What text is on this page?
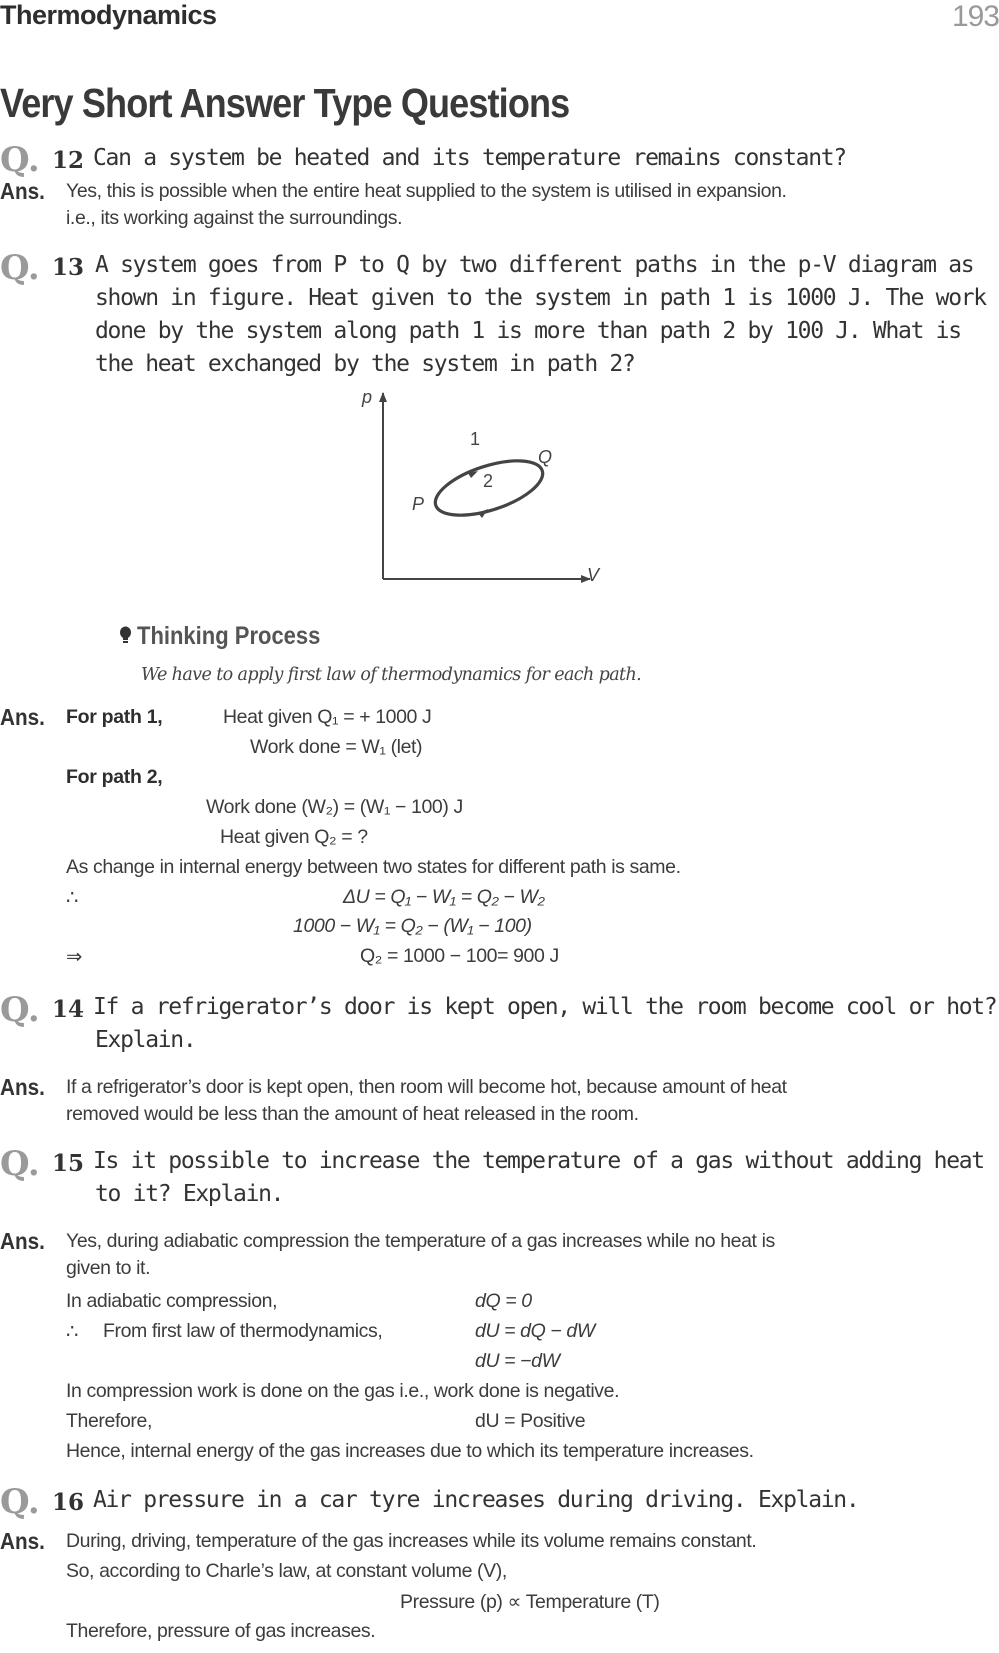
Thermodynamics	193
Very Short Answer Type Questions
Q. 12 Can a system be heated and its temperature remains constant?
Ans. Yes, this is possible when the entire heat supplied to the system is utilised in expansion.
i.e., its working against the surroundings.
Q. 13 A system goes from P to Q by two different paths in the p-V diagram as
shown in figure. Heat given to the system in path 1 is 1000 J. The work
done by the system along path 1 is more than path 2 by 100 J. What is
the heat exchanged by the system in path 2?
p
V
1
2
Q
P
Thinking Process
We have to apply first law of thermodynamics for each path.
Ans. For path 1,	Heat given Q₁ = + 1000 J
Work done = W₁ (let)
For path 2,
Work done (W₂) = (W₁ − 100) J
Heat given Q₂ = ?
As change in internal energy between two states for different path is same.
∴	ΔU = Q₁ − W₁ = Q₂ − W₂
1000 − W₁ = Q₂ − (W₁ − 100)
⇒	Q₂ = 1000 − 100= 900 J
Q. 14 If a refrigerator’s door is kept open, will the room become cool or hot?
Explain.
Ans. If a refrigerator’s door is kept open, then room will become hot, because amount of heat
removed would be less than the amount of heat released in the room.
Q. 15 Is it possible to increase the temperature of a gas without adding heat
to it? Explain.
Ans. Yes, during adiabatic compression the temperature of a gas increases while no heat is
given to it.
In adiabatic compression,	dQ = 0
∴ From first law of thermodynamics,	dU = dQ − dW
dU = −dW
In compression work is done on the gas i.e., work done is negative.
Therefore,	dU = Positive
Hence, internal energy of the gas increases due to which its temperature increases.
Q. 16 Air pressure in a car tyre increases during driving. Explain.
Ans. During, driving, temperature of the gas increases while its volume remains constant.
So, according to Charle’s law, at constant volume (V),
Pressure (p) ∝ Temperature (T)
Therefore, pressure of gas increases.
